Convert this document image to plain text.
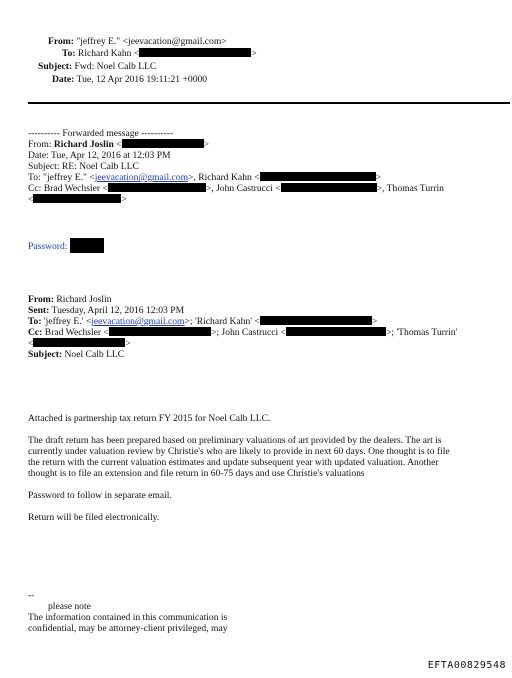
From: "jeffrey E." <jeevacation@gmail.com>
To: Richard Kahn <	>
Subject: Fwd: Noel Calb LLC
Date: Tue, 12 Apr 2016 19:11:21 +0000
---------- Forwarded message ----------
From: Richard Joslin <	>
Date: Tue, Apr 12, 2016 at 12:03 PM
Subject: RE: Noel Calb LLC
To: "jeffrey E." <jeevacation@gmail.com>, Richard Kahn <	>
Cc: Brad Wechsler <	>, John Castrucci <	>, Thomas Turrin
<	>
Password:
From: Richard Joslin
Sent: Tuesday, April 12, 2016 12:03 PM
To: 'jeffrey E.' <jeevacation@gmail.com>; 'Richard Kahn' <	>
Cc: Brad Wechsler <	>; John Castrucci <	>; 'Thomas Turrin'
<	>
Subject: Noel Calb LLC
Attached is partnership tax return FY 2015 for Noel Calb LLC.
The draft return has been prepared based on preliminary valuations of art provided by the dealers. The art is
currently under valuation review by Christie's who are likely to provide in next 60 days. One thought is to file
the return with the current valuation estimates and update subsequent year with updated valuation. Another
thought is to file an extension and file return in 60-75 days and use Christie's valuations
Password to follow in separate email.
Return will be filed electronically.
--
please note
The information contained in this communication is
confidential, may be attorney-client privileged, may
EFTA00829548
